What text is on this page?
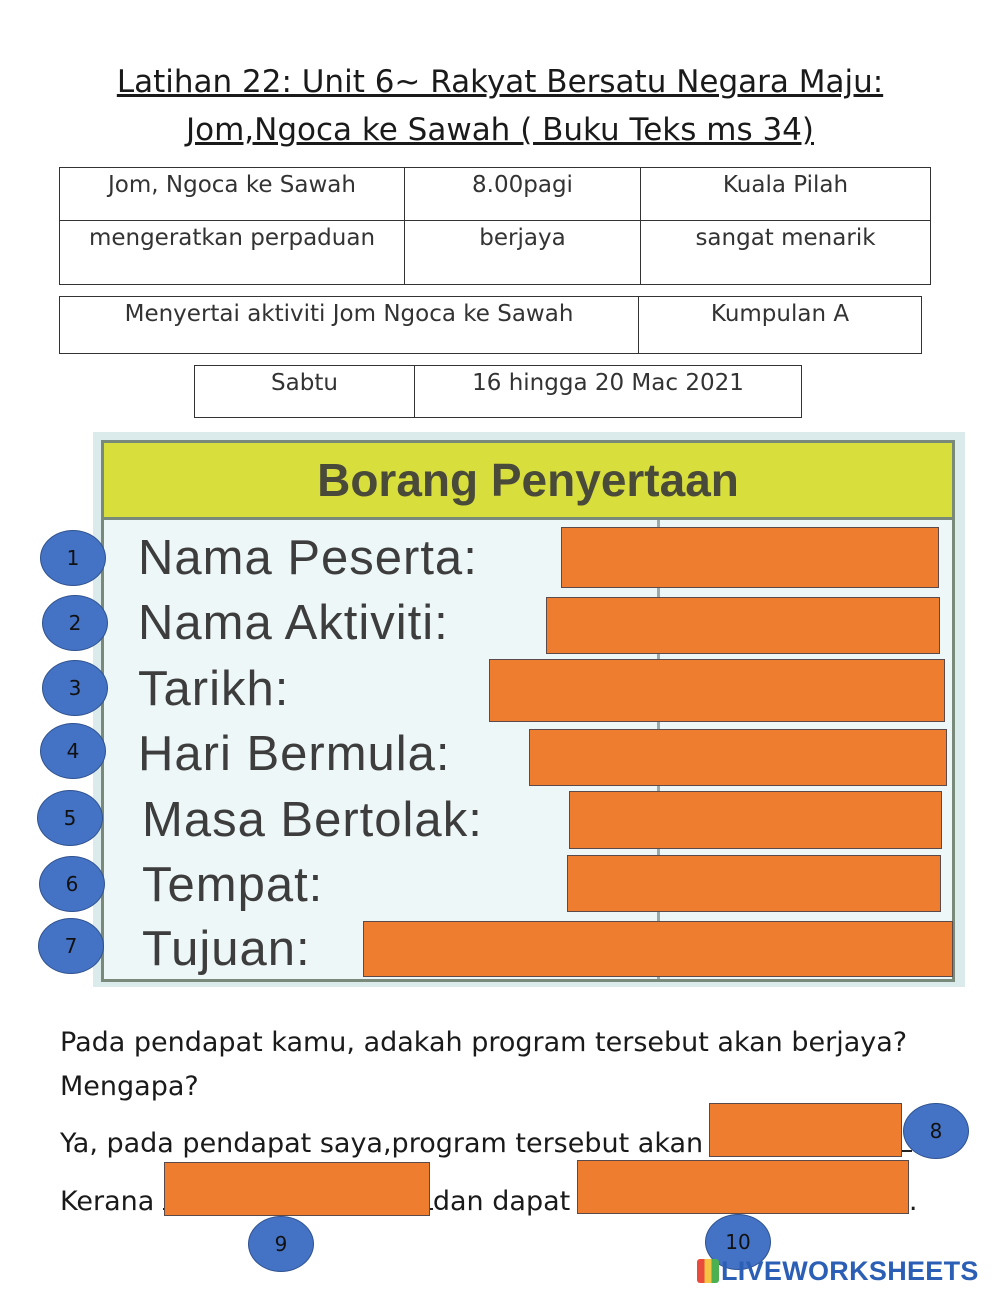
Latihan 22: Unit 6~ Rakyat Bersatu Negara Maju:
Jom,Ngoca ke Sawah ( Buku Teks ms 34)
Jom, Ngoca ke Sawah	8.00pagi	Kuala Pilah
mengeratkan perpaduan	berjaya	sangat menarik
Menyertai aktiviti Jom Ngoca ke Sawah	Kumpulan A
Sabtu	16 hingga 20 Mac 2021
Borang Penyertaan
Nama Peserta:
Nama Aktiviti:
Tarikh:
Hari Bermula:
Masa Bertolak:
Tempat:
Tujuan:
1
2
3
4
5
6
7
Pada pendapat kamu, adakah program tersebut akan berjaya?
Mengapa?
Ya, pada pendapat saya,program tersebut akan
Kerana	dan dapat	.
8
9	10
LIVEWORKSHEETS
